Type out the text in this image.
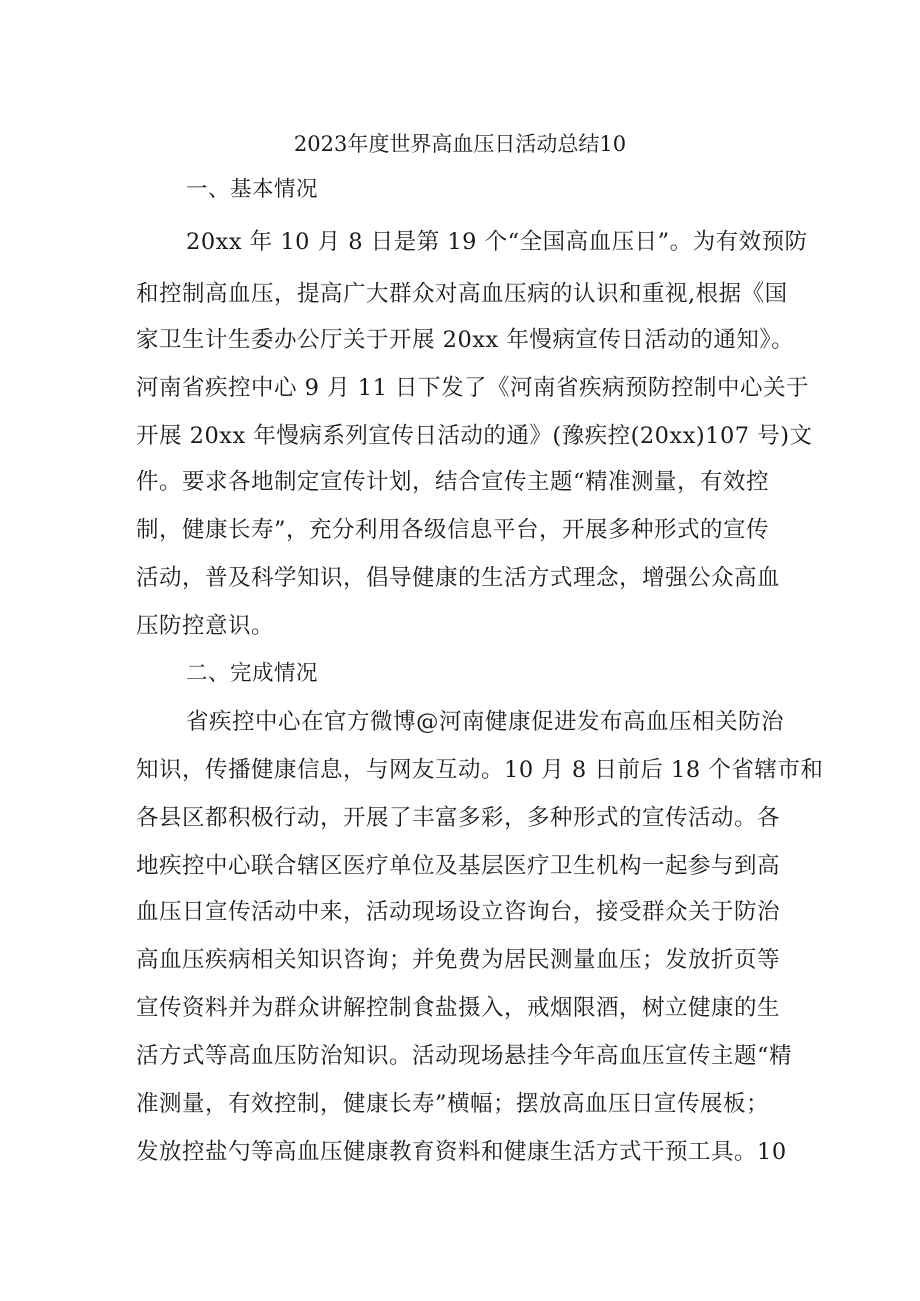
2023年度世界高血压日活动总结10
一、基本情况
20xx 年 10 月 8 日是第 19 个“全国高血压日”。为有效预防
和控制高血压，提高广大群众对高血压病的认识和重视,根据《国
家卫生计生委办公厅关于开展 20xx 年慢病宣传日活动的通知》。
河南省疾控中心 9 月 11 日下发了《河南省疾病预防控制中心关于
开展 20xx 年慢病系列宣传日活动的通》(豫疾控(20xx)107 号)文
件。要求各地制定宣传计划，结合宣传主题“精准测量，有效控
制，健康长寿”，充分利用各级信息平台，开展多种形式的宣传
活动，普及科学知识，倡导健康的生活方式理念，增强公众高血
压防控意识。
二、完成情况
省疾控中心在官方微博@河南健康促进发布高血压相关防治
知识，传播健康信息，与网友互动。10 月 8 日前后 18 个省辖市和
各县区都积极行动，开展了丰富多彩，多种形式的宣传活动。各
地疾控中心联合辖区医疗单位及基层医疗卫生机构一起参与到高
血压日宣传活动中来，活动现场设立咨询台，接受群众关于防治
高血压疾病相关知识咨询；并免费为居民测量血压；发放折页等
宣传资料并为群众讲解控制食盐摄入，戒烟限酒，树立健康的生
活方式等高血压防治知识。活动现场悬挂今年高血压宣传主题“精
准测量，有效控制，健康长寿”横幅；摆放高血压日宣传展板；
发放控盐勺等高血压健康教育资料和健康生活方式干预工具。10
